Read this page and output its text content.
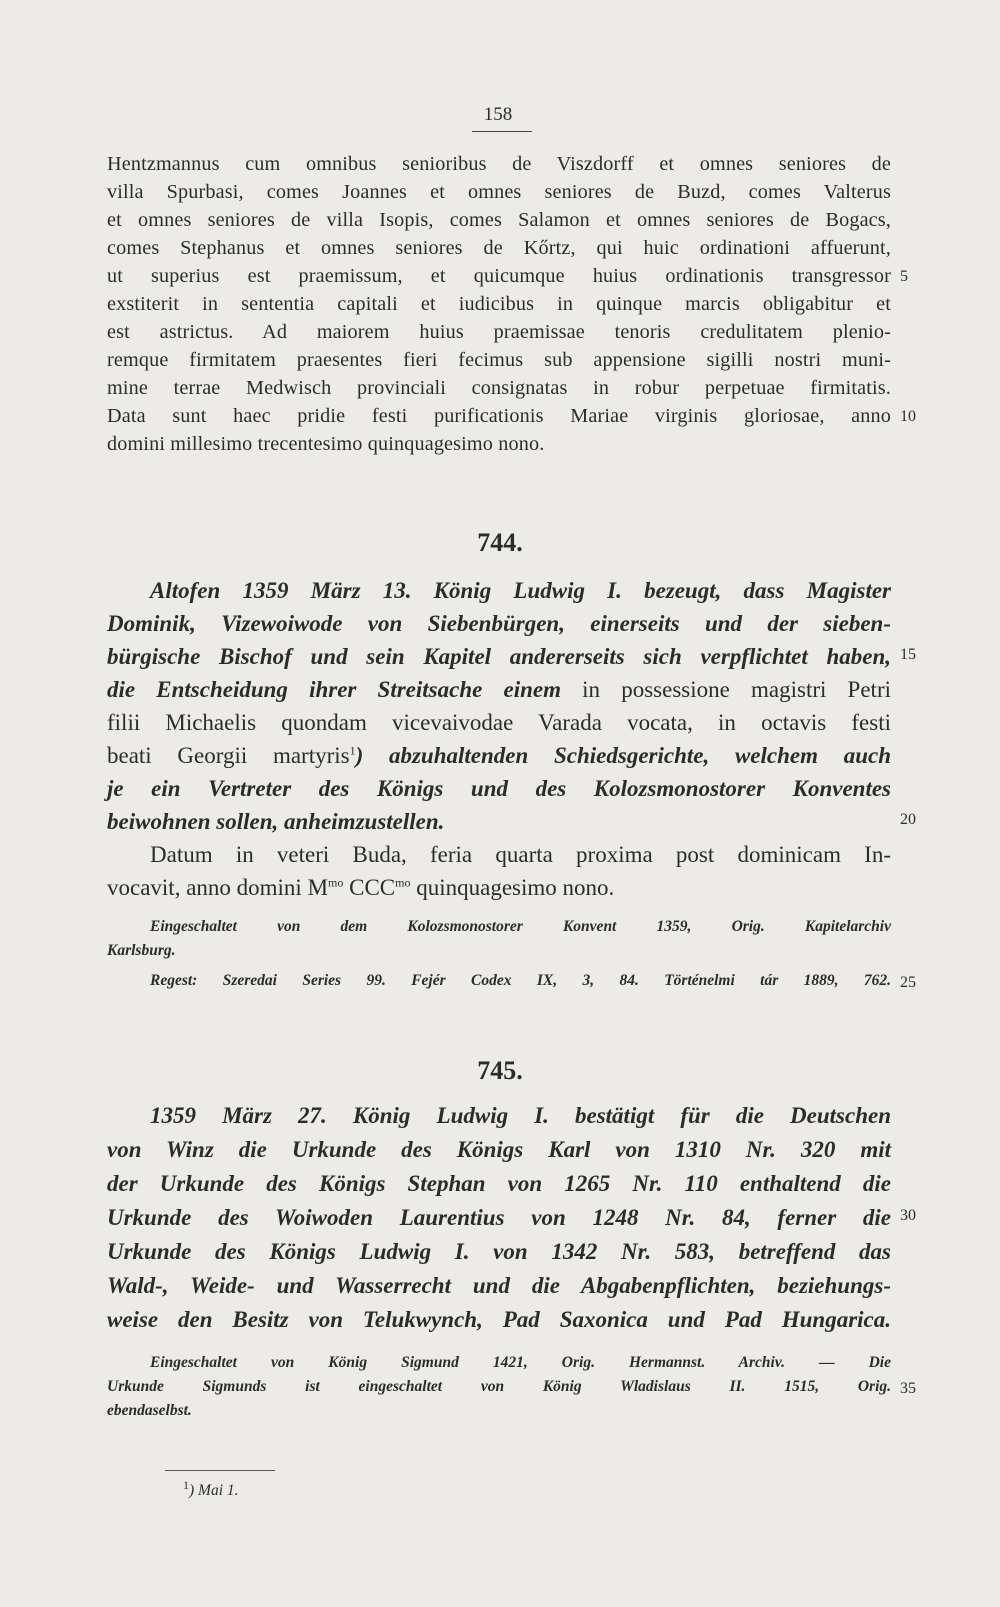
158
Hentzmannus cum omnibus senioribus de Viszdorff et omnes seniores de
villa Spurbasi, comes Joannes et omnes seniores de Buzd, comes Valterus
et omnes seniores de villa Isopis, comes Salamon et omnes seniores de Bogacs,
comes Stephanus et omnes seniores de Kőrtz, qui huic ordinationi affuerunt,
ut superius est praemissum, et quicumque huius ordinationis transgressor
exstiterit in sententia capitali et iudicibus in quinque marcis obligabitur et
est astrictus. Ad maiorem huius praemissae tenoris credulitatem plenio-
remque firmitatem praesentes fieri fecimus sub appensione sigilli nostri muni-
mine terrae Medwisch provinciali consignatas in robur perpetuae firmitatis.
Data sunt haec pridie festi purificationis Mariae virginis gloriosae, anno
domini millesimo trecentesimo quinquagesimo nono.
744.
Altofen 1359 März 13. König Ludwig I. bezeugt, dass Magister
Dominik, Vizewoiwode von Siebenbürgen, einerseits und der sieben-
bürgische Bischof und sein Kapitel andererseits sich verpflichtet haben,
die Entscheidung ihrer Streitsache einem in possessione magistri Petri
filii Michaelis quondam vicevaivodae Varada vocata, in octavis festi
beati Georgii martyris$^1$) abzuhaltenden Schiedsgerichte, welchem auch
je ein Vertreter des Königs und des Kolozsmonostorer Konventes
beiwohnen sollen, anheimzustellen.
Datum in veteri Buda, feria quarta proxima post dominicam In-
vocavit, anno domini $M^{mo}$ $CCC^{mo}$ quinquagesimo nono.
Eingeschaltet von dem Kolozsmonostorer Konvent 1359, Orig. Kapitelarchiv
Karlsburg.
Regest: Szeredai Series 99. Fejér Codex IX, 3, 84. Történelmi tár 1889, 762.
745.
1359 März 27. König Ludwig I. bestätigt für die Deutschen
von Winz die Urkunde des Königs Karl von 1310 Nr. 320 mit
der Urkunde des Königs Stephan von 1265 Nr. 110 enthaltend die
Urkunde des Woiwoden Laurentius von 1248 Nr. 84, ferner die
Urkunde des Königs Ludwig I. von 1342 Nr. 583, betreffend das
Wald-, Weide- und Wasserrecht und die Abgabenpflichten, beziehungs-
weise den Besitz von Telukwynch, Pad Saxonica und Pad Hungarica.
Eingeschaltet von König Sigmund 1421, Orig. Hermannst. Archiv. — Die
Urkunde Sigmunds ist eingeschaltet von König Wladislaus II. 1515, Orig.
ebendaselbst.
5
10
15
20
25
30
35
$^1$) Mai 1.
